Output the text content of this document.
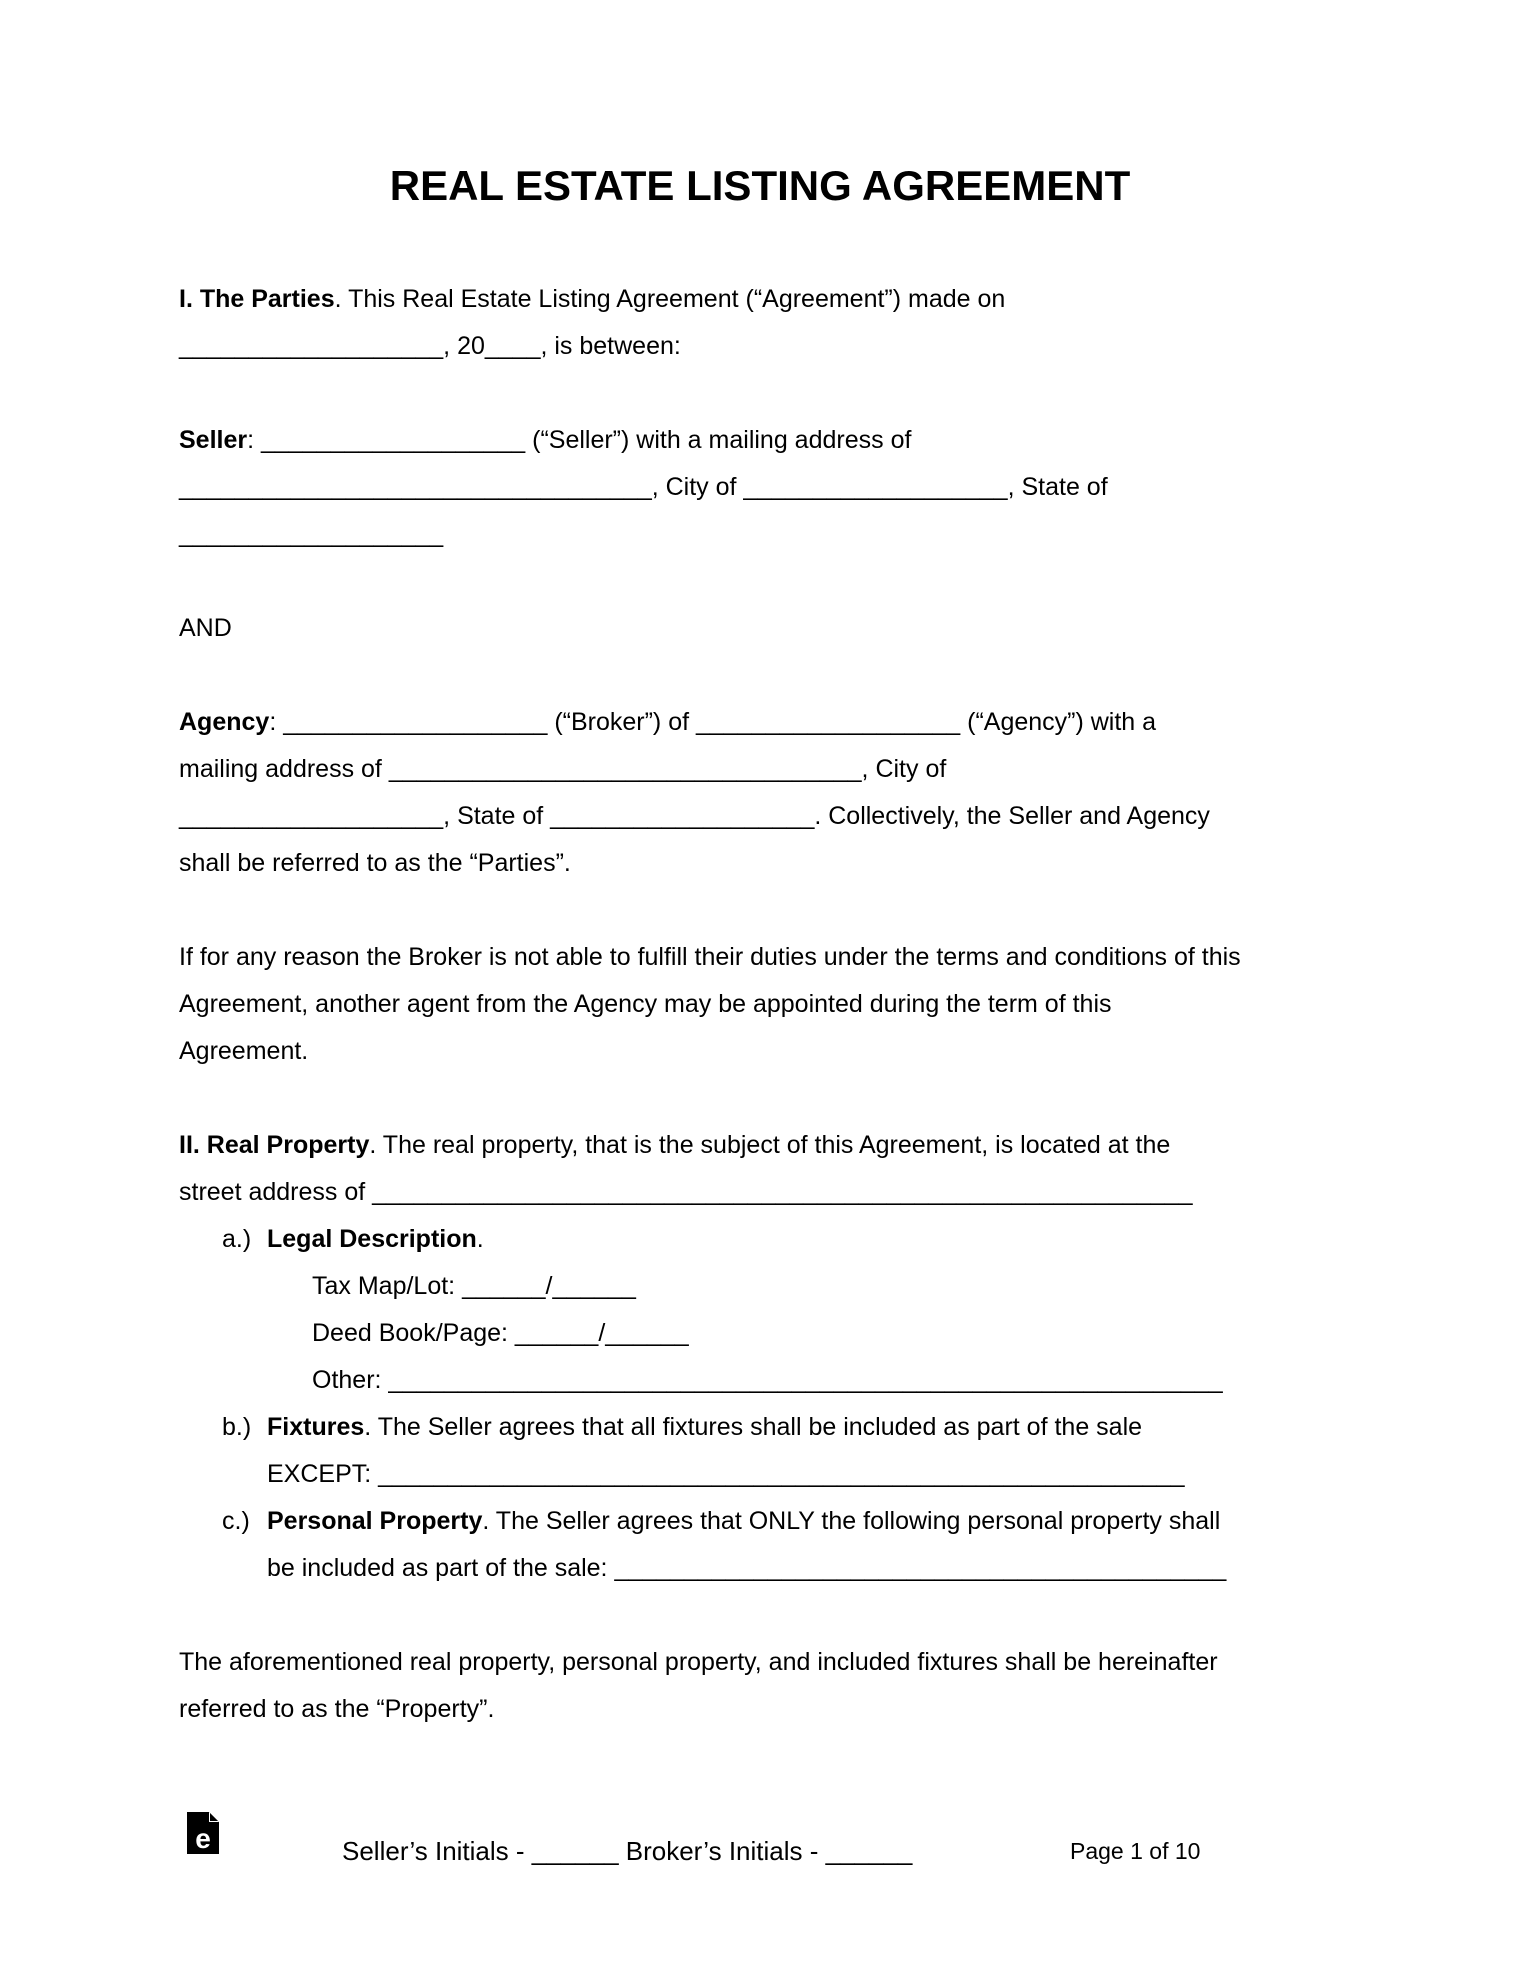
REAL ESTATE LISTING AGREEMENT
I. The Parties. This Real Estate Listing Agreement (“Agreement”) made on
___________________, 20____, is between:
Seller: ___________________ (“Seller”) with a mailing address of
__________________________________, City of ___________________, State of
___________________
AND
Agency: ___________________ (“Broker”) of ___________________ (“Agency”) with a
mailing address of __________________________________, City of
___________________, State of ___________________. Collectively, the Seller and Agency
shall be referred to as the “Parties”.
If for any reason the Broker is not able to fulfill their duties under the terms and conditions of this
Agreement, another agent from the Agency may be appointed during the term of this
Agreement.
II. Real Property. The real property, that is the subject of this Agreement, is located at the
street address of ___________________________________________________________
a.) Legal Description.
Tax Map/Lot: ______/______
Deed Book/Page: ______/______
Other: ____________________________________________________________
b.) Fixtures. The Seller agrees that all fixtures shall be included as part of the sale
EXCEPT: __________________________________________________________
c.) Personal Property. The Seller agrees that ONLY the following personal property shall
be included as part of the sale: ____________________________________________
The aforementioned real property, personal property, and included fixtures shall be hereinafter
referred to as the “Property”.
e	Seller’s Initials - ______ Broker’s Initials - ______	Page 1 of 10
